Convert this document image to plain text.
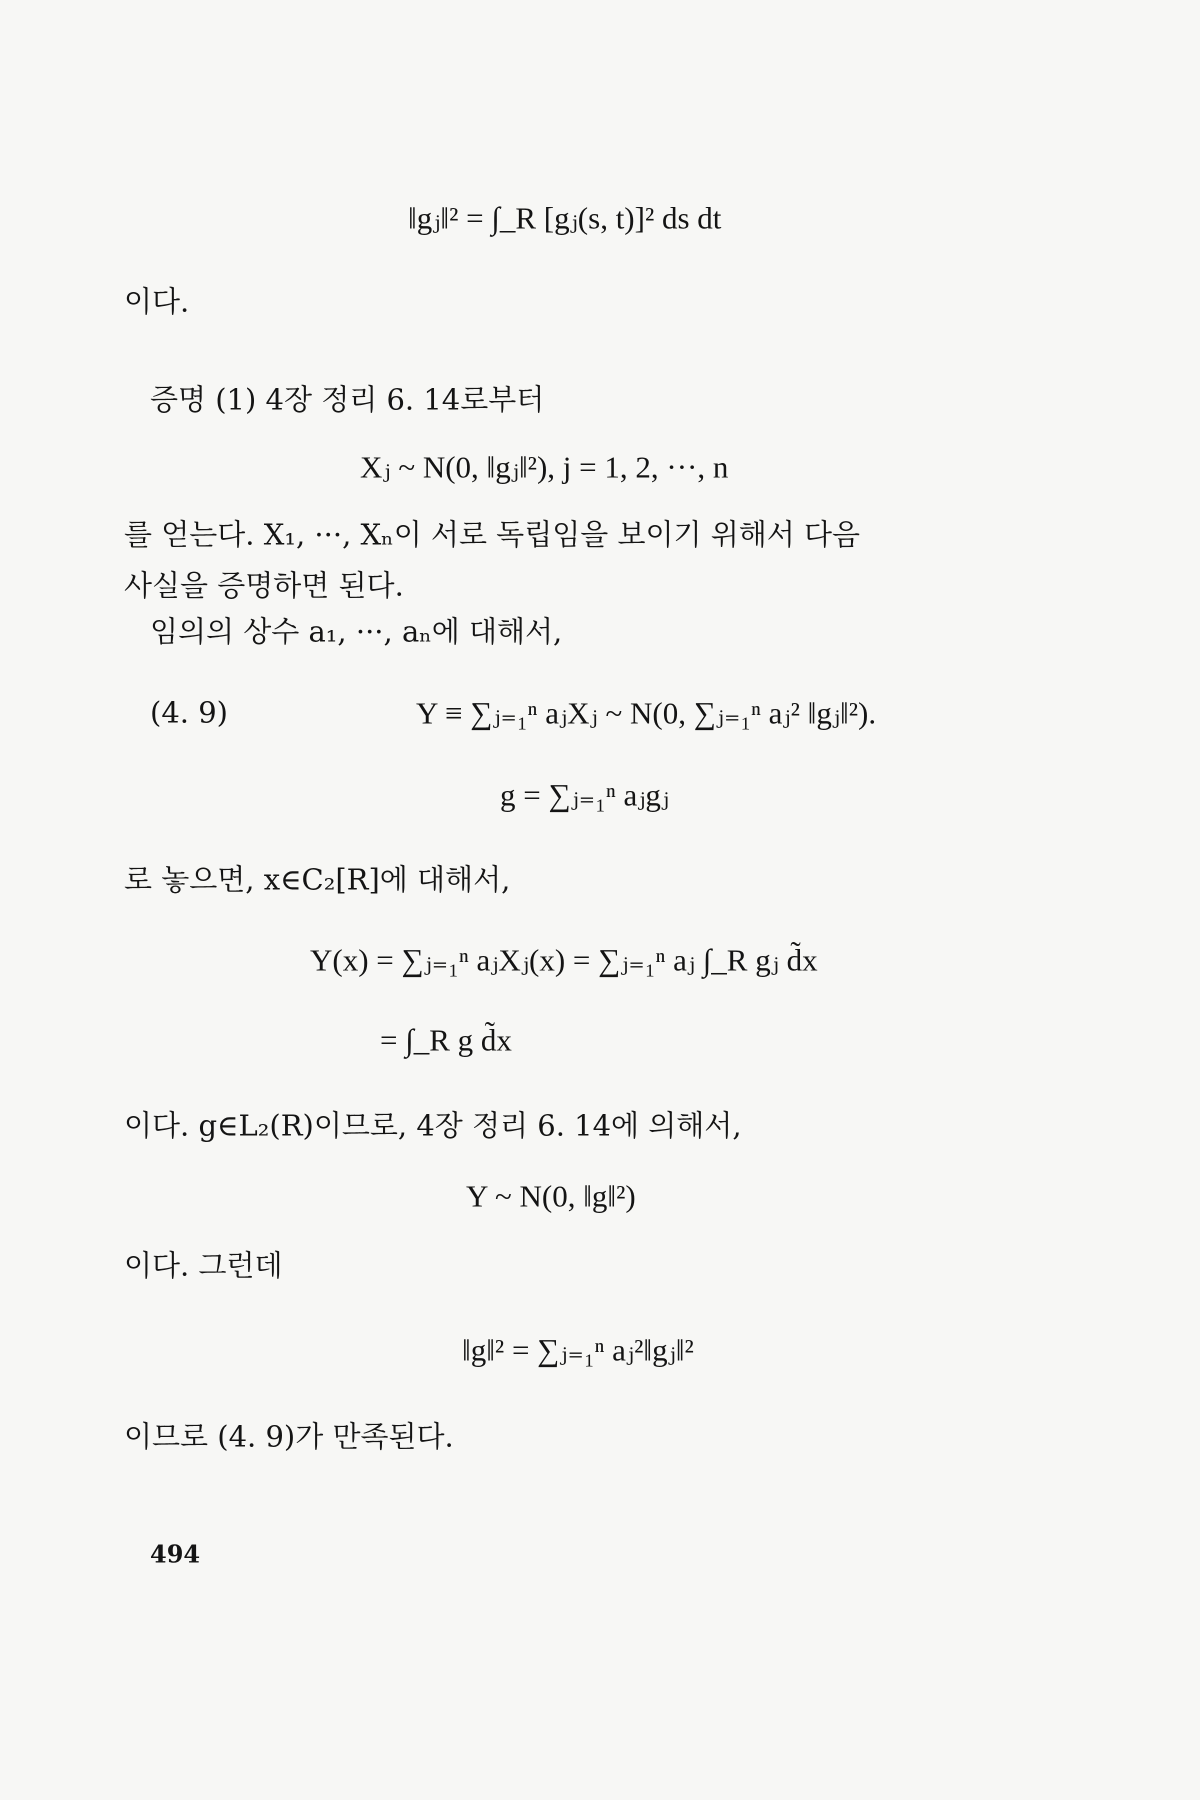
‖gⱼ‖² = ∫_R [gⱼ(s, t)]² ds dt
이다.
증명 (1) 4장 정리 6. 14로부터
Xⱼ ~ N(0, ‖gⱼ‖²), j = 1, 2, ···, n
를 얻는다. X₁, ···, Xₙ이 서로 독립임을 보이기 위해서 다음
사실을 증명하면 된다.
임의의 상수 a₁, ···, aₙ에 대해서,
(4. 9)	Y ≡ ∑ⱼ₌₁ⁿ aⱼXⱼ ~ N(0, ∑ⱼ₌₁ⁿ aⱼ² ‖gⱼ‖²).
g = ∑ⱼ₌₁ⁿ aⱼgⱼ
로 놓으면, x∈C₂[R]에 대해서,
Y(x) = ∑ⱼ₌₁ⁿ aⱼXⱼ(x) = ∑ⱼ₌₁ⁿ aⱼ ∫_R gⱼ d̃x
= ∫_R g d̃x
이다. g∈L₂(R)이므로, 4장 정리 6. 14에 의해서,
Y ~ N(0, ‖g‖²)
이다. 그런데
‖g‖² = ∑ⱼ₌₁ⁿ aⱼ²‖gⱼ‖²
이므로 (4. 9)가 만족된다.
494
